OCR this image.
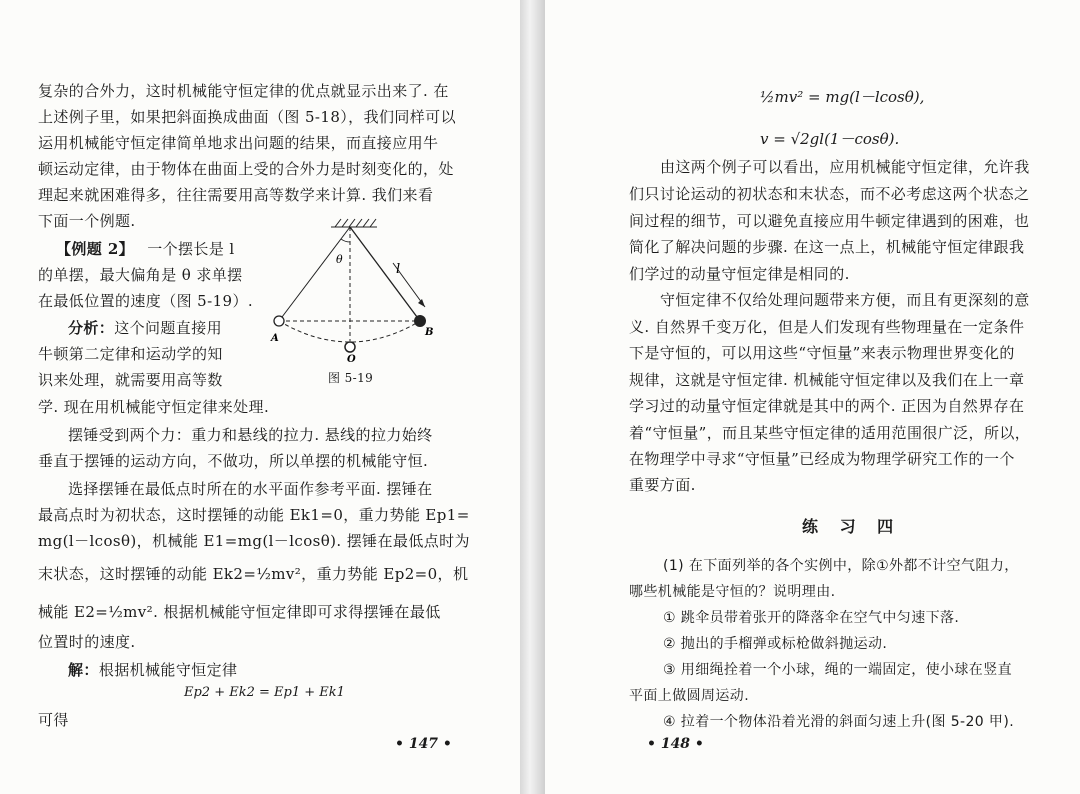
复杂的合外力，这时机械能守恒定律的优点就显示出来了. 在
上述例子里，如果把斜面换成曲面（图 5-18），我们同样可以
运用机械能守恒定律简单地求出问题的结果，而直接应用牛
顿运动定律，由于物体在曲面上受的合外力是时刻变化的，处
理起来就困难得多，往往需要用高等数学来计算. 我们来看
下面一个例题.
【例题 2】 一个摆长是 l
的单摆，最大偏角是 θ 求单摆
在最低位置的速度（图 5-19）.
分析：这个问题直接用
牛顿第二定律和运动学的知
识来处理，就需要用高等数
学. 现在用机械能守恒定律来处理.
θ
l
A
B
O
图 5-19
摆锤受到两个力：重力和悬线的拉力. 悬线的拉力始终
垂直于摆锤的运动方向，不做功，所以单摆的机械能守恒.
选择摆锤在最低点时所在的水平面作参考平面. 摆锤在
最高点时为初状态，这时摆锤的动能 Ek1=0，重力势能 Ep1=
mg(l－lcosθ)，机械能 E1=mg(l－lcosθ). 摆锤在最低点时为
末状态，这时摆锤的动能 Ek2=½mv²，重力势能 Ep2=0，机
械能 E2=½mv². 根据机械能守恒定律即可求得摆锤在最低
位置时的速度.
解：根据机械能守恒定律
Ep2 + Ek2 = Ep1 + Ek1
可得
• 147 •
½mv² = mg(l－lcosθ),
v = √2gl(1－cosθ).
由这两个例子可以看出，应用机械能守恒定律，允许我
们只讨论运动的初状态和末状态，而不必考虑这两个状态之
间过程的细节，可以避免直接应用牛顿定律遇到的困难，也
简化了解决问题的步骤. 在这一点上，机械能守恒定律跟我
们学过的动量守恒定律是相同的.
守恒定律不仅给处理问题带来方便，而且有更深刻的意
义. 自然界千变万化，但是人们发现有些物理量在一定条件
下是守恒的，可以用这些“守恒量”来表示物理世界变化的
规律，这就是守恒定律. 机械能守恒定律以及我们在上一章
学习过的动量守恒定律就是其中的两个. 正因为自然界存在
着“守恒量”，而且某些守恒定律的适用范围很广泛，所以，
在物理学中寻求“守恒量”已经成为物理学研究工作的一个
重要方面.
练 习 四
(1) 在下面列举的各个实例中，除①外都不计空气阻力，
哪些机械能是守恒的？说明理由.
① 跳伞员带着张开的降落伞在空气中匀速下落.
② 抛出的手榴弹或标枪做斜抛运动.
③ 用细绳拴着一个小球，绳的一端固定，使小球在竖直
平面上做圆周运动.
④ 拉着一个物体沿着光滑的斜面匀速上升(图 5-20 甲).
• 148 •
